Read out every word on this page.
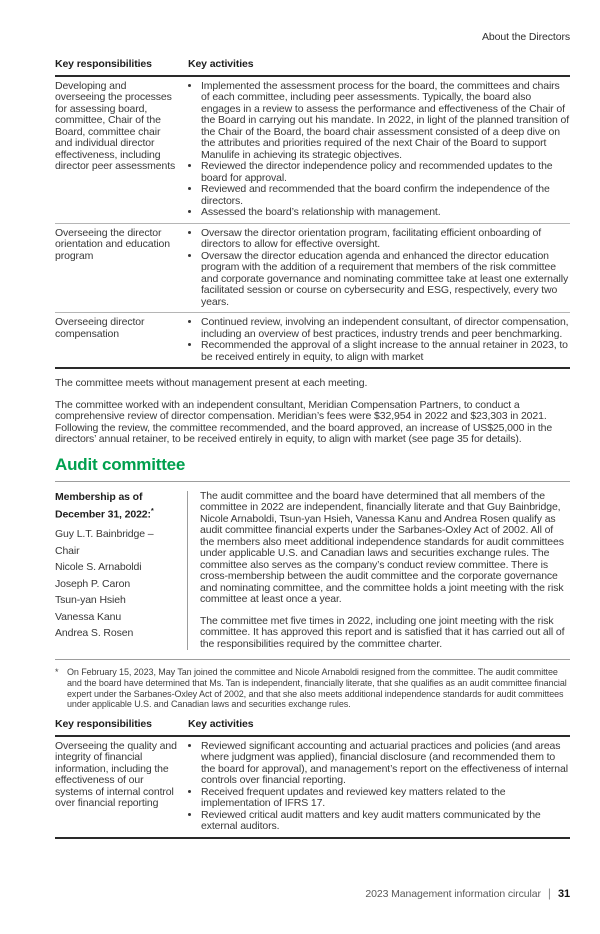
About the Directors
Key responsibilities	Key activities
Developing and overseeing the processes for assessing board, committee, Chair of the Board, committee chair and individual director effectiveness, including director peer assessments
• Implemented the assessment process for the board, the committees and chairs of each committee, including peer assessments. Typically, the board also engages in a review to assess the performance and effectiveness of the Chair of the Board in carrying out his mandate. In 2022, in light of the planned transition of the Chair of the Board, the board chair assessment consisted of a deep dive on the attributes and priorities required of the next Chair of the Board to support Manulife in achieving its strategic objectives.
• Reviewed the director independence policy and recommended updates to the board for approval.
• Reviewed and recommended that the board confirm the independence of the directors.
• Assessed the board’s relationship with management.
Overseeing the director orientation and education program
• Oversaw the director orientation program, facilitating efficient onboarding of directors to allow for effective oversight.
• Oversaw the director education agenda and enhanced the director education program with the addition of a requirement that members of the risk committee and corporate governance and nominating committee take at least one externally facilitated session or course on cybersecurity and ESG, respectively, every two years.
Overseeing director compensation
• Continued review, involving an independent consultant, of director compensation, including an overview of best practices, industry trends and peer benchmarking.
• Recommended the approval of a slight increase to the annual retainer in 2023, to be received entirely in equity, to align with market

The committee meets without management present at each meeting.

The committee worked with an independent consultant, Meridian Compensation Partners, to conduct a comprehensive review of director compensation. Meridian’s fees were $32,954 in 2022 and $23,303 in 2021. Following the review, the committee recommended, and the board approved, an increase of US$25,000 in the directors’ annual retainer, to be received entirely in equity, to align with market (see page 35 for details).

Audit committee
Membership as of December 31, 2022:*
Guy L.T. Bainbridge – Chair
Nicole S. Arnaboldi
Joseph P. Caron
Tsun-yan Hsieh
Vanessa Kanu
Andrea S. Rosen

The audit committee and the board have determined that all members of the committee in 2022 are independent, financially literate and that Guy Bainbridge, Nicole Arnaboldi, Tsun-yan Hsieh, Vanessa Kanu and Andrea Rosen qualify as audit committee financial experts under the Sarbanes-Oxley Act of 2002. All of the members also meet additional independence standards for audit committees under applicable U.S. and Canadian laws and securities exchange rules. The committee also serves as the company’s conduct review committee. There is cross-membership between the audit committee and the corporate governance and nominating committee, and the committee holds a joint meeting with the risk committee at least once a year.

The committee met five times in 2022, including one joint meeting with the risk committee. It has approved this report and is satisfied that it has carried out all of the responsibilities required by the committee charter.

* On February 15, 2023, May Tan joined the committee and Nicole Arnaboldi resigned from the committee. The audit committee and the board have determined that Ms. Tan is independent, financially literate, that she qualifies as an audit committee financial expert under the Sarbanes-Oxley Act of 2002, and that she also meets additional independence standards for audit committees under applicable U.S. and Canadian laws and securities exchange rules.
Key responsibilities	Key activities
Overseeing the quality and integrity of financial information, including the effectiveness of our systems of internal control over financial reporting
• Reviewed significant accounting and actuarial practices and policies (and areas where judgment was applied), financial disclosure (and recommended them to the board for approval), and management’s report on the effectiveness of internal controls over financial reporting.
• Received frequent updates and reviewed key matters related to the implementation of IFRS 17.
• Reviewed critical audit matters and key audit matters communicated by the external auditors.
2023 Management information circular | 31
